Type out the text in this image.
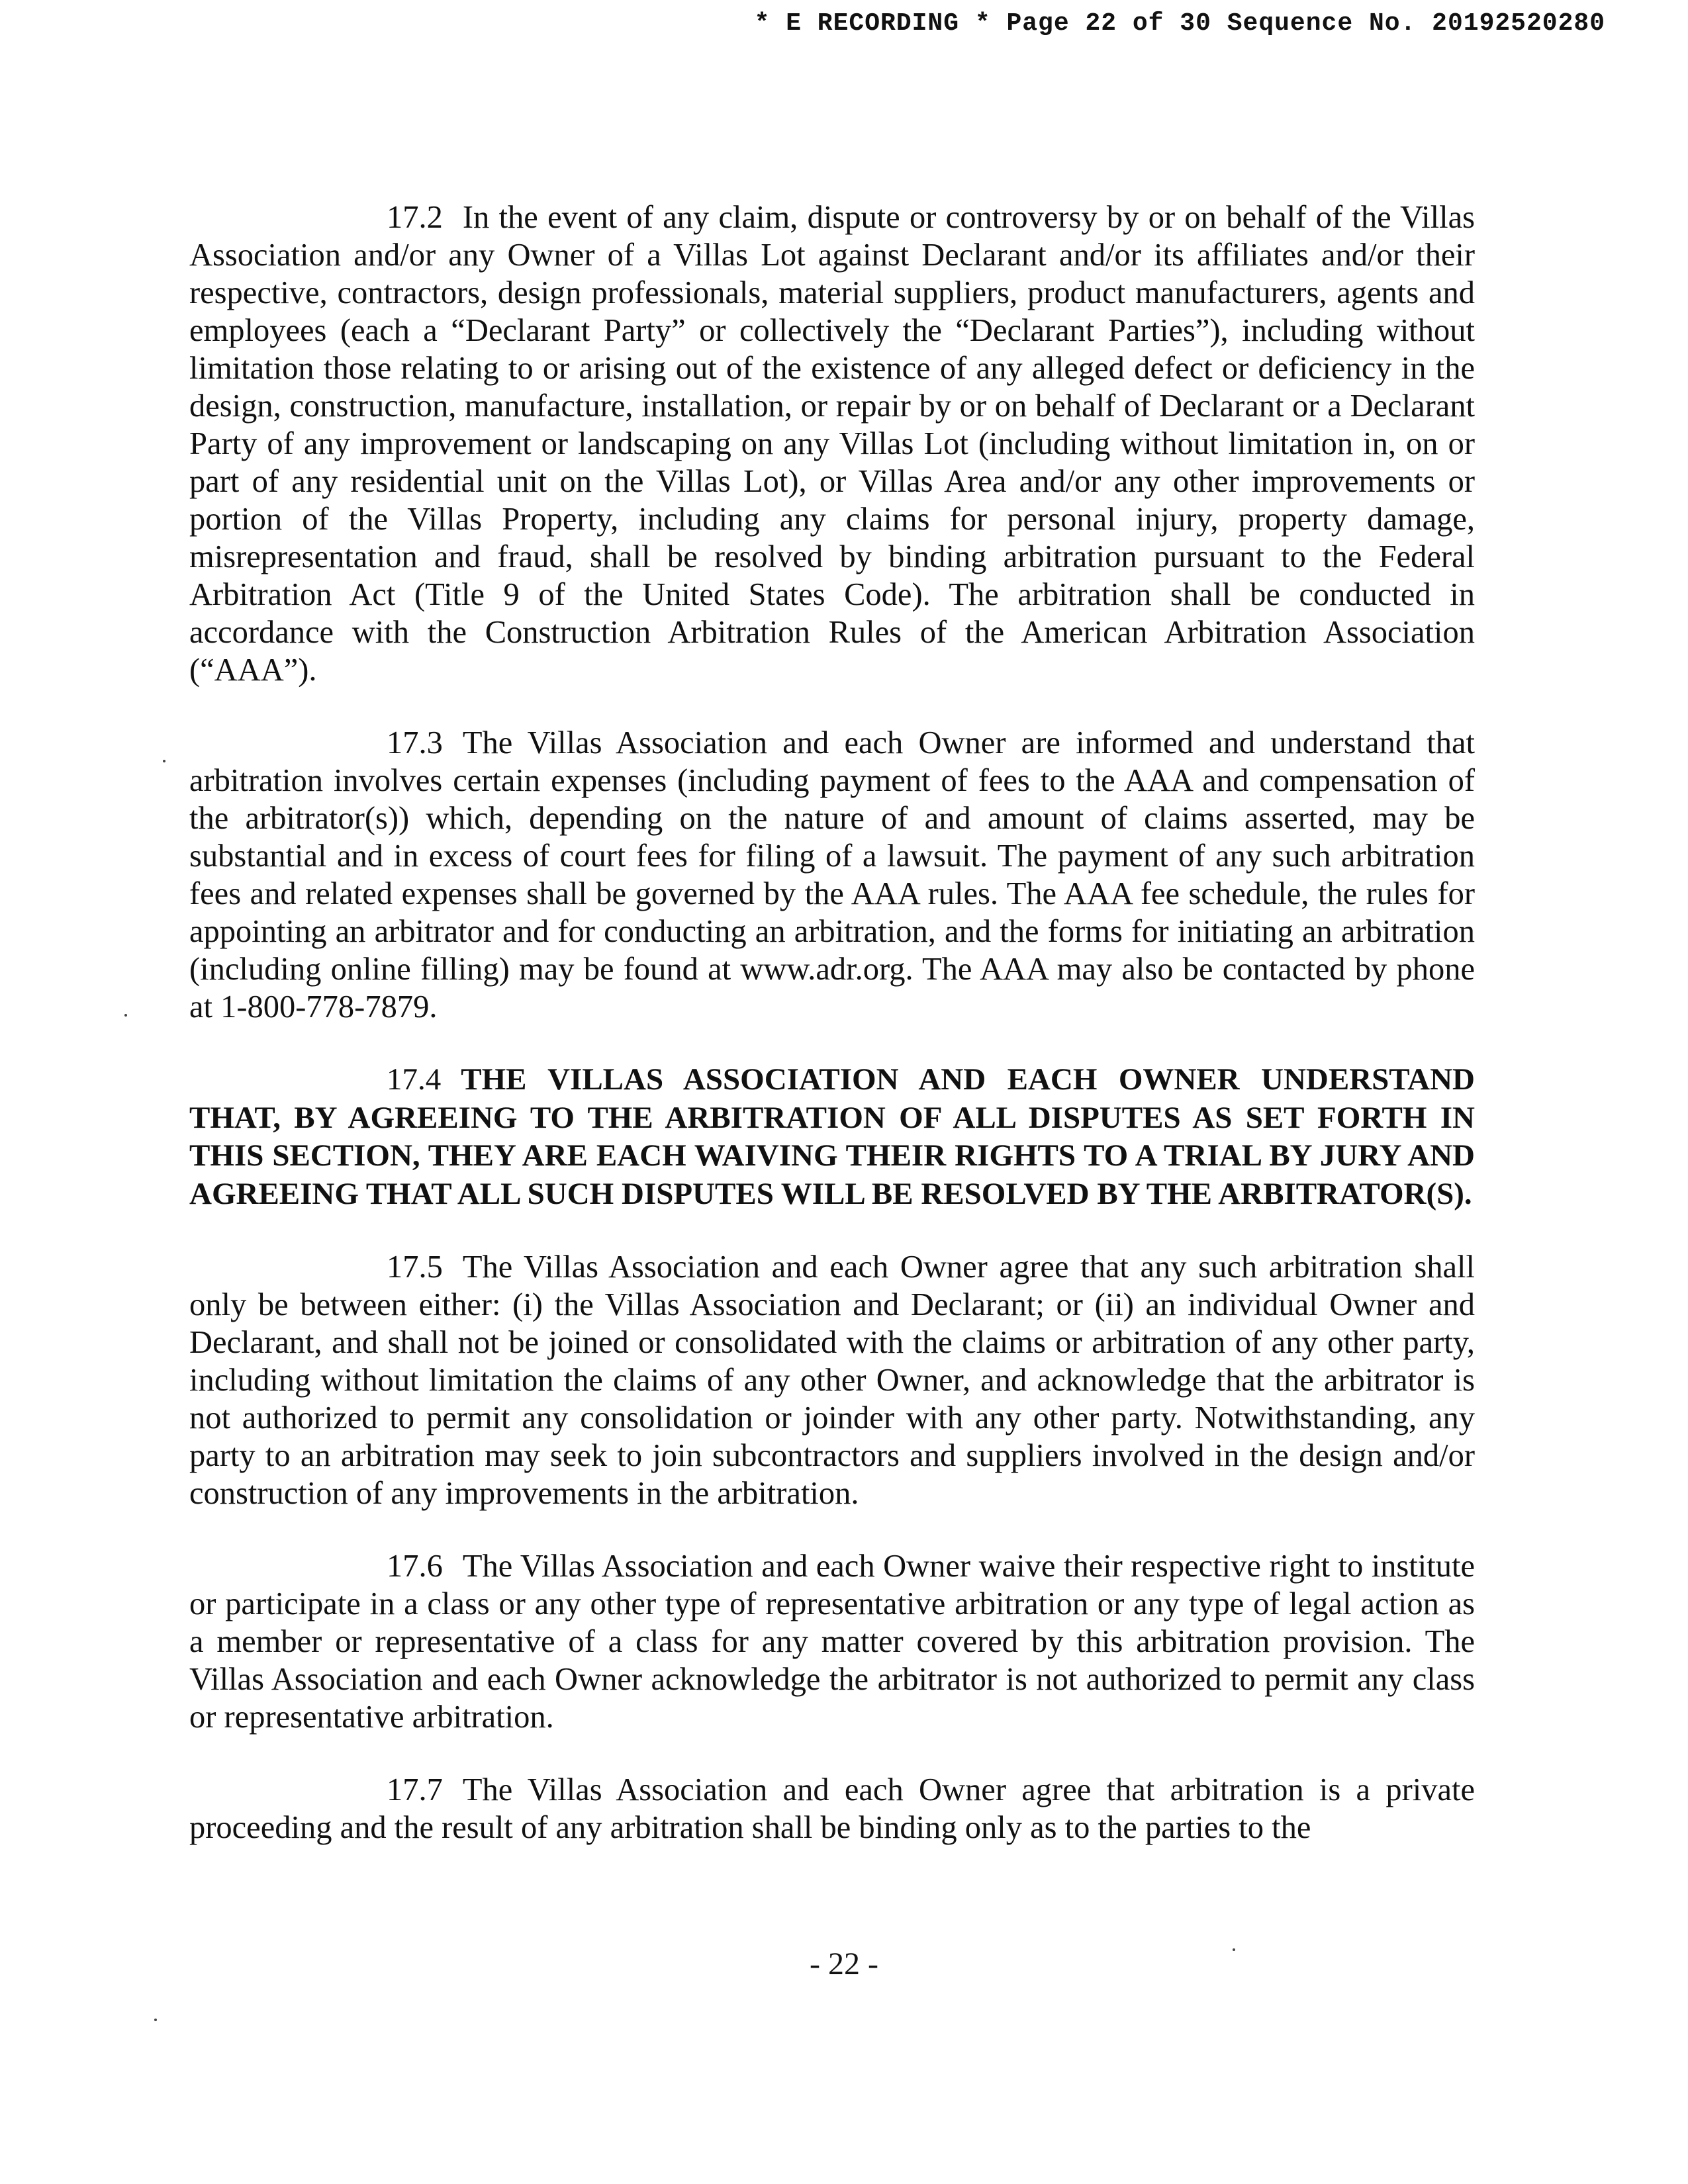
* E RECORDING * Page 22 of 30 Sequence No. 20192520280

17.2 In the event of any claim, dispute or controversy by or on behalf of the Villas Association and/or any Owner of a Villas Lot against Declarant and/or its affiliates and/or their respective, contractors, design professionals, material suppliers, product manufacturers, agents and employees (each a “Declarant Party” or collectively the “Declarant Parties”), including without limitation those relating to or arising out of the existence of any alleged defect or deficiency in the design, construction, manufacture, installation, or repair by or on behalf of Declarant or a Declarant Party of any improvement or landscaping on any Villas Lot (including without limitation in, on or part of any residential unit on the Villas Lot), or Villas Area and/or any other improvements or portion of the Villas Property, including any claims for personal injury, property damage, misrepresentation and fraud, shall be resolved by binding arbitration pursuant to the Federal Arbitration Act (Title 9 of the United States Code). The arbitration shall be conducted in accordance with the Construction Arbitration Rules of the American Arbitration Association (“AAA”).

17.3 The Villas Association and each Owner are informed and understand that arbitration involves certain expenses (including payment of fees to the AAA and compensation of the arbitrator(s)) which, depending on the nature of and amount of claims asserted, may be substantial and in excess of court fees for filing of a lawsuit. The payment of any such arbitration fees and related expenses shall be governed by the AAA rules. The AAA fee schedule, the rules for appointing an arbitrator and for conducting an arbitration, and the forms for initiating an arbitration (including online filling) may be found at www.adr.org. The AAA may also be contacted by phone at 1-800-778-7879.

17.4 THE VILLAS ASSOCIATION AND EACH OWNER UNDERSTAND THAT, BY AGREEING TO THE ARBITRATION OF ALL DISPUTES AS SET FORTH IN THIS SECTION, THEY ARE EACH WAIVING THEIR RIGHTS TO A TRIAL BY JURY AND AGREEING THAT ALL SUCH DISPUTES WILL BE RESOLVED BY THE ARBITRATOR(S).

17.5 The Villas Association and each Owner agree that any such arbitration shall only be between either: (i) the Villas Association and Declarant; or (ii) an individual Owner and Declarant, and shall not be joined or consolidated with the claims or arbitration of any other party, including without limitation the claims of any other Owner, and acknowledge that the arbitrator is not authorized to permit any consolidation or joinder with any other party. Notwithstanding, any party to an arbitration may seek to join subcontractors and suppliers involved in the design and/or construction of any improvements in the arbitration.

17.6 The Villas Association and each Owner waive their respective right to institute or participate in a class or any other type of representative arbitration or any type of legal action as a member or representative of a class for any matter covered by this arbitration provision. The Villas Association and each Owner acknowledge the arbitrator is not authorized to permit any class or representative arbitration.

17.7 The Villas Association and each Owner agree that arbitration is a private proceeding and the result of any arbitration shall be binding only as to the parties to the

- 22 -
